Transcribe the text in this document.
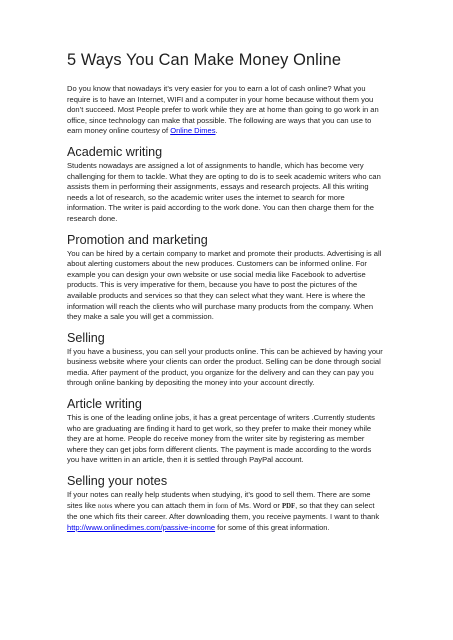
5 Ways You Can Make Money Online

Do you know that nowadays it’s very easier for you to earn a lot of cash online? What you require is to have an Internet, WIFI and a computer in your home because without them you don’t succeed. Most People prefer to work while they are at home than going to go work in an office, since technology can make that possible. The following are ways that you can use to earn money online courtesy of Online Dimes.

Academic writing

Students nowadays are assigned a lot of assignments to handle, which has become very challenging for them to tackle. What they are opting to do is to seek academic writers who can assists them in performing their assignments, essays and research projects. All this writing needs a lot of research, so the academic writer uses the internet to search for more information. The writer is paid according to the work done. You can then charge them for the research done.

Promotion and marketing

You can be hired by a certain company to market and promote their products. Advertising is all about alerting customers about the new produces. Customers can be informed online. For example you can design your own website or use social media like Facebook to advertise products. This is very imperative for them, because you have to post the pictures of the available products and services so that they can select what they want. Here is where the information will reach the clients who will purchase many products from the company. When they make a sale you will get a commission.

Selling

If you have a business, you can sell your products online. This can be achieved by having your business website where your clients can order the product. Selling can be done through social media. After payment of the product, you organize for the delivery and can they can pay you through online banking by depositing the money into your account directly.

Article writing

This is one of the leading online jobs, it has a great percentage of writers .Currently students who are graduating are finding it hard to get work, so they prefer to make their money while they are at home. People do receive money from the writer site by registering as member where they can get jobs form different clients. The payment is made according to the words you have written in an article, then it is settled through PayPal account.

Selling your notes

If your notes can really help students when studying, it’s good to sell them. There are some sites like notes where you can attach them in form of Ms. Word or PDF, so that they can select the one which fits their career. After downloading them, you receive payments. I want to thank http://www.onlinedimes.com/passive-income for some of this great information.
